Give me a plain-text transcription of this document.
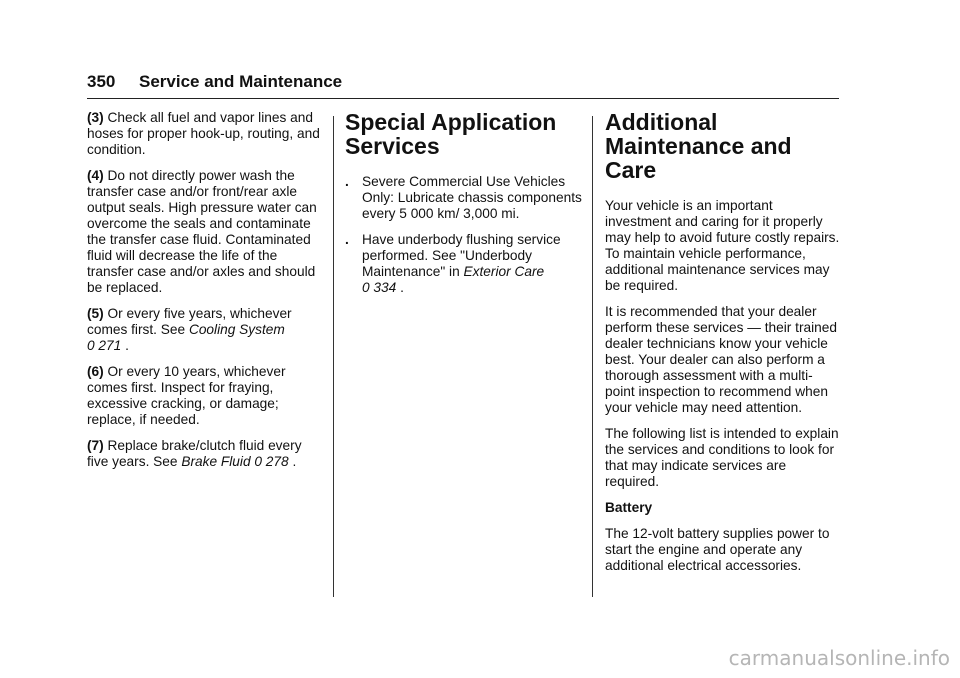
350 Service and Maintenance

(3) Check all fuel and vapor lines and hoses for proper hook-up, routing, and condition.

(4) Do not directly power wash the transfer case and/or front/rear axle output seals. High pressure water can overcome the seals and contaminate the transfer case fluid. Contaminated fluid will decrease the life of the transfer case and/or axles and should be replaced.

(5) Or every five years, whichever comes first. See Cooling System
0 271 .

(6) Or every 10 years, whichever comes first. Inspect for fraying, excessive cracking, or damage; replace, if needed.

(7) Replace brake/clutch fluid every five years. See Brake Fluid 0 278 .

Special Application Services
. Severe Commercial Use Vehicles Only: Lubricate chassis components every 5 000 km/ 3,000 mi.
. Have underbody flushing service performed. See "Underbody Maintenance" in Exterior Care
0 334 .
Additional Maintenance and Care

Your vehicle is an important investment and caring for it properly may help to avoid future costly repairs. To maintain vehicle performance, additional maintenance services may be required.

It is recommended that your dealer perform these services — their trained dealer technicians know your vehicle best. Your dealer can also perform a thorough assessment with a multi-point inspection to recommend when your vehicle may need attention.

The following list is intended to explain the services and conditions to look for that may indicate services are required.

Battery

The 12-volt battery supplies power to start the engine and operate any additional electrical accessories.

carmanualsonline.info
